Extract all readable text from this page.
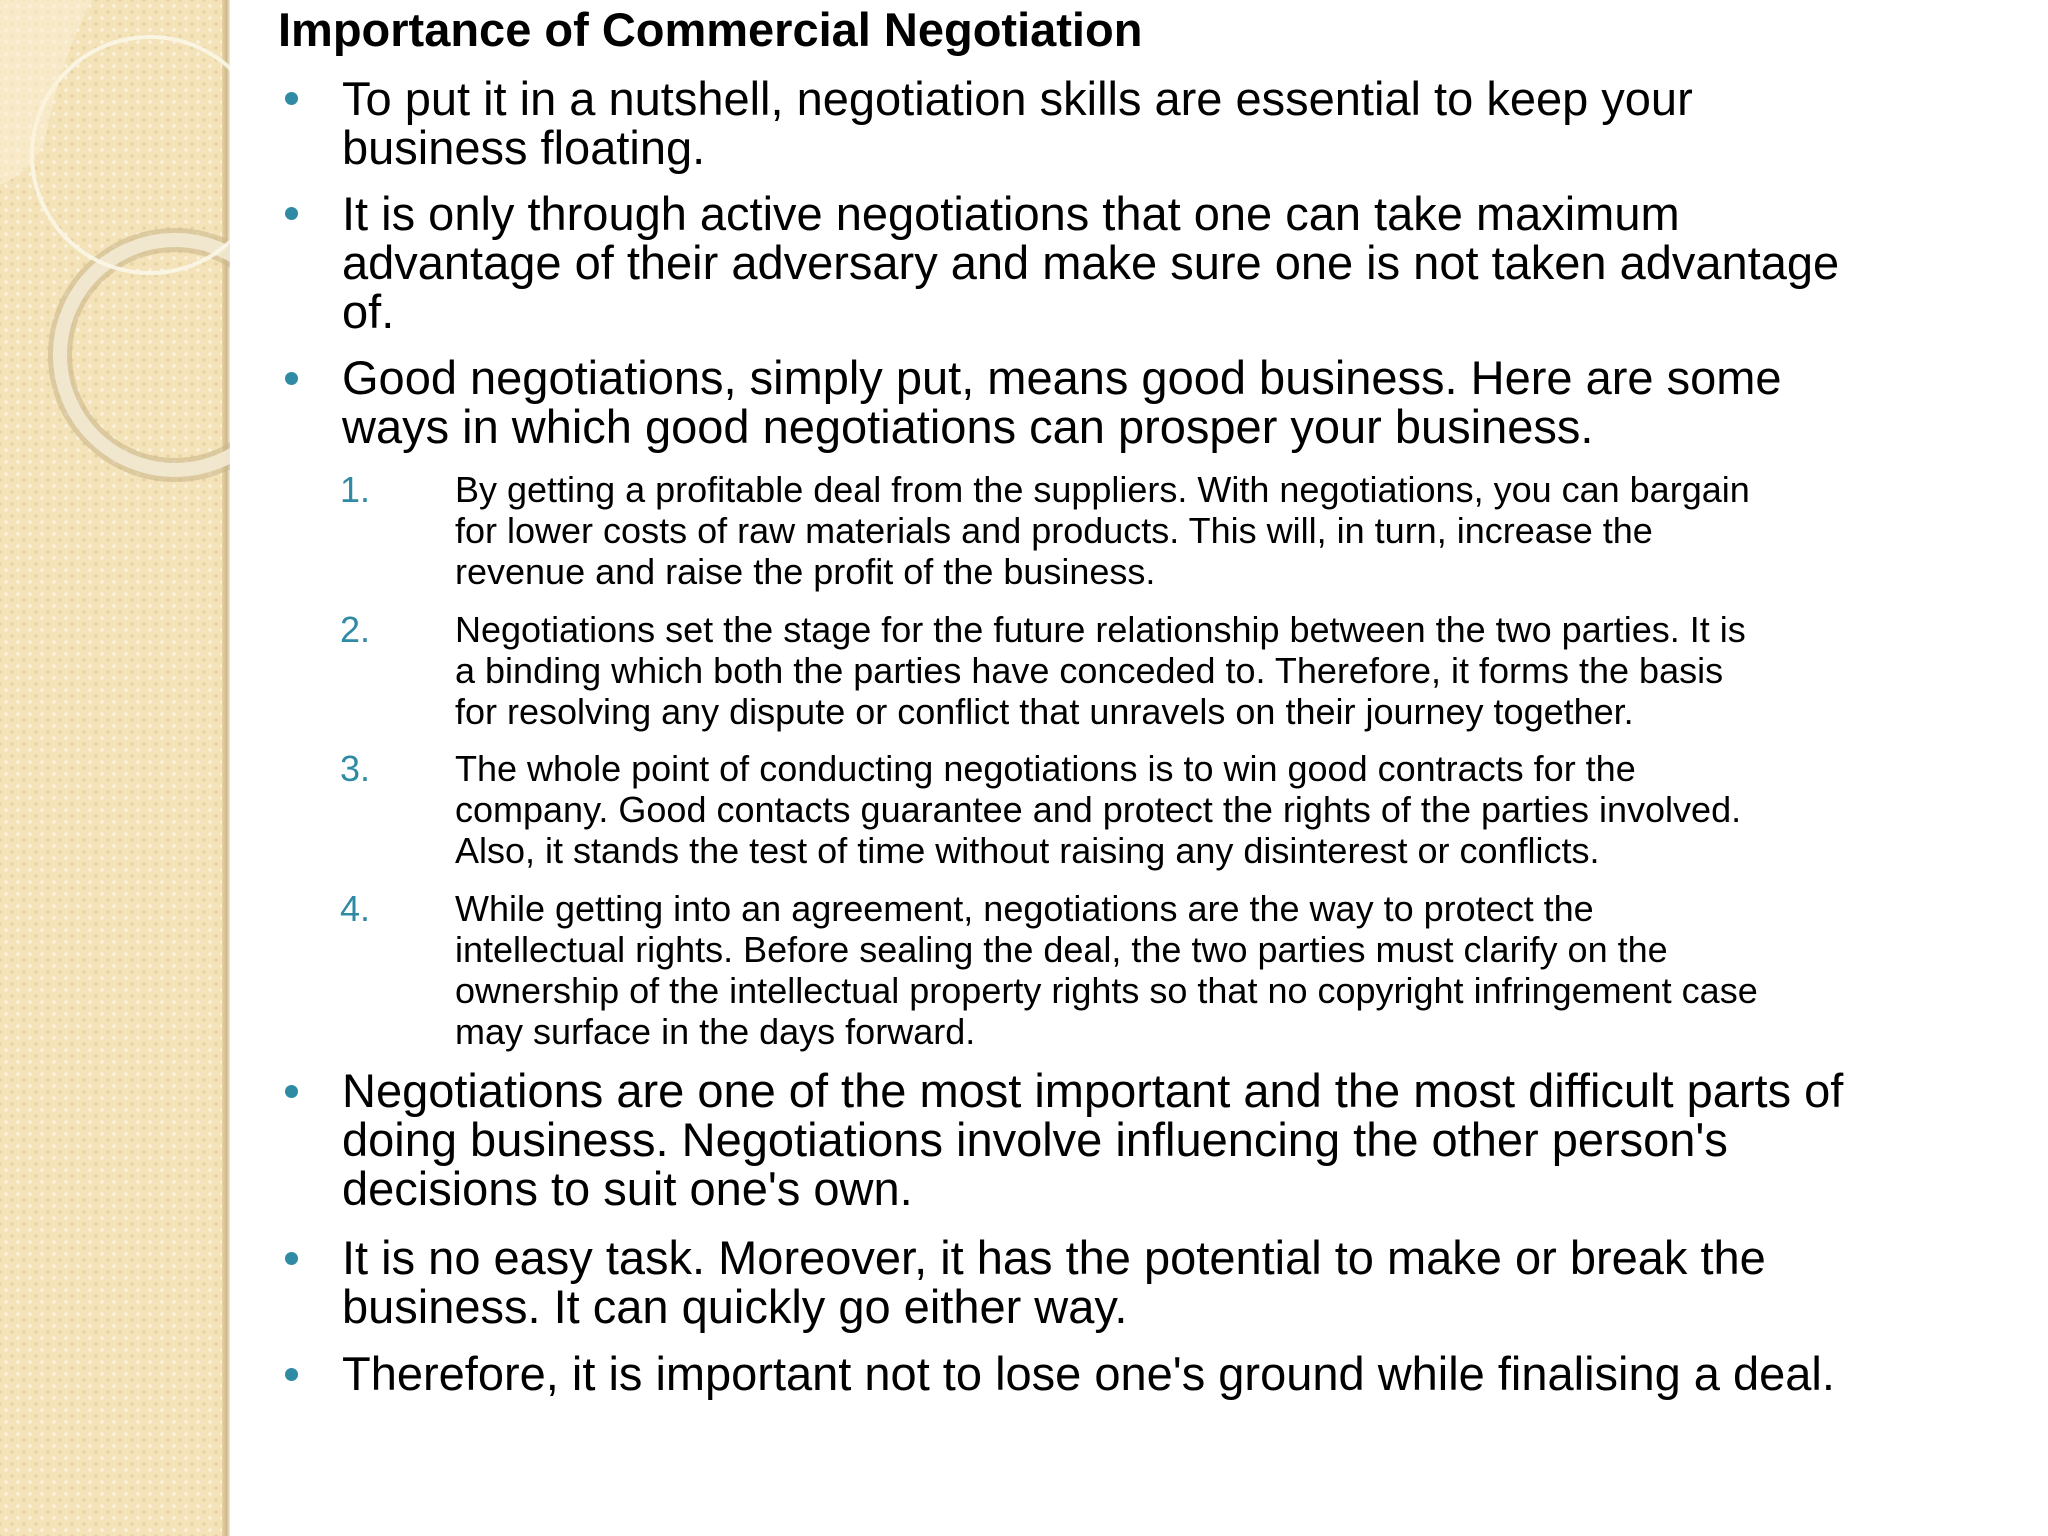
Importance of Commercial Negotiation
To put it in a nutshell, negotiation skills are essential to keep your
business floating.
It is only through active negotiations that one can take maximum
advantage of their adversary and make sure one is not taken advantage
of.
Good negotiations, simply put, means good business. Here are some
ways in which good negotiations can prosper your business.
1. By getting a profitable deal from the suppliers. With negotiations, you can bargain
for lower costs of raw materials and products. This will, in turn, increase the
revenue and raise the profit of the business.
2. Negotiations set the stage for the future relationship between the two parties. It is
a binding which both the parties have conceded to. Therefore, it forms the basis
for resolving any dispute or conflict that unravels on their journey together.
3. The whole point of conducting negotiations is to win good contracts for the
company. Good contacts guarantee and protect the rights of the parties involved.
Also, it stands the test of time without raising any disinterest or conflicts.
4. While getting into an agreement, negotiations are the way to protect the
intellectual rights. Before sealing the deal, the two parties must clarify on the
ownership of the intellectual property rights so that no copyright infringement case
may surface in the days forward.
Negotiations are one of the most important and the most difficult parts of
doing business. Negotiations involve influencing the other person's
decisions to suit one's own.
It is no easy task. Moreover, it has the potential to make or break the
business. It can quickly go either way.
Therefore, it is important not to lose one's ground while finalising a deal.
